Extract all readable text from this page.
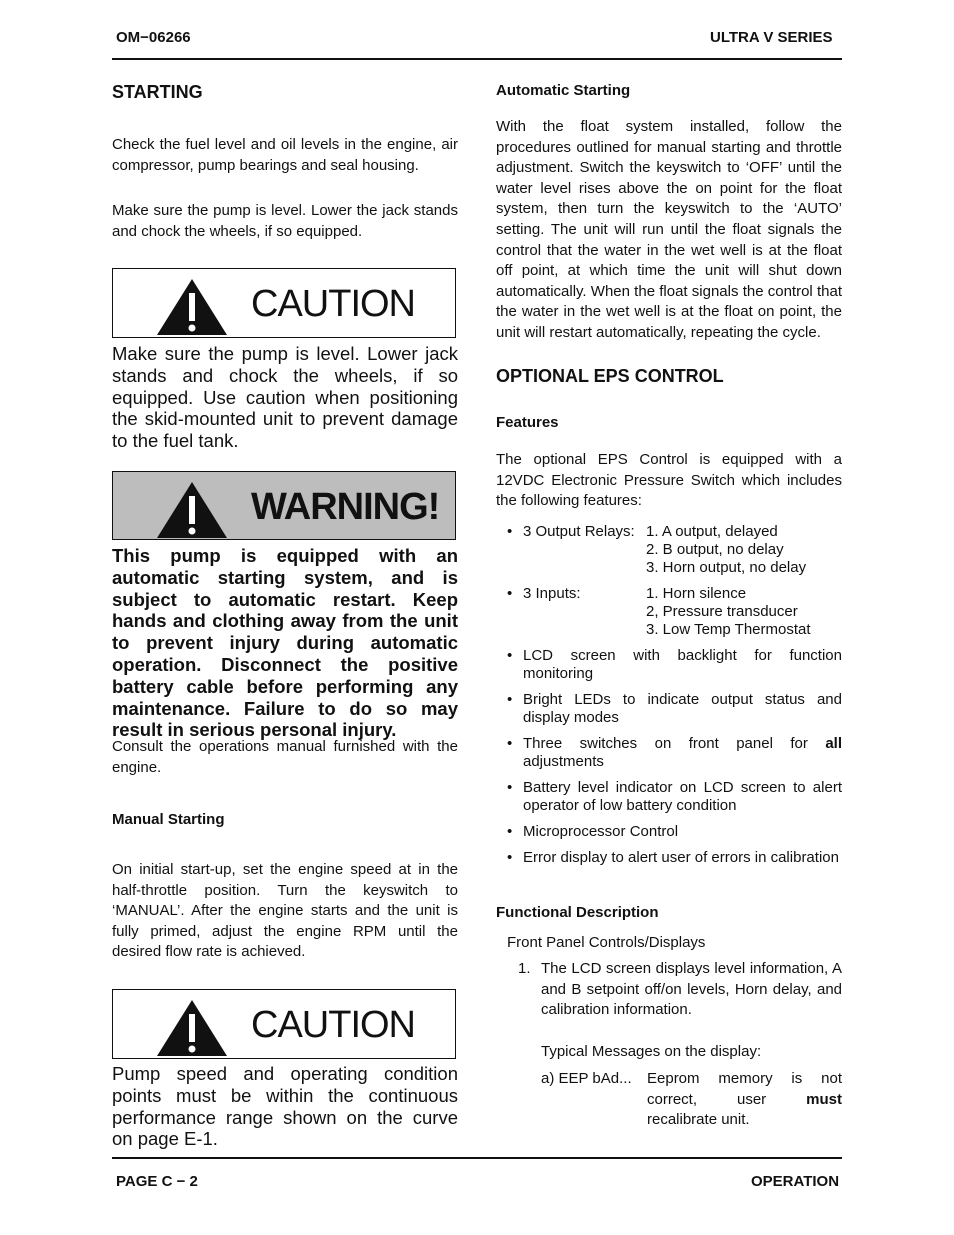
OM−06266	ULTRA V SERIES
STARTING
Check the fuel level and oil levels in the engine, air compressor, pump bearings and seal housing.
Make sure the pump is level. Lower the jack stands and chock the wheels, if so equipped.
CAUTION
Make sure the pump is level. Lower jack stands and chock the wheels, if so equipped. Use caution when positioning the skid-mounted unit to prevent damage to the fuel tank.
WARNING!
This pump is equipped with an automatic starting system, and is subject to automatic restart. Keep hands and clothing away from the unit to prevent injury during automatic operation. Disconnect the positive battery cable before performing any maintenance. Failure to do so may result in serious personal injury.
Consult the operations manual furnished with the engine.
Manual Starting
On initial start-up, set the engine speed at in the half-throttle position. Turn the keyswitch to ‘MANUAL’. After the engine starts and the unit is fully primed, adjust the engine RPM until the desired flow rate is achieved.
CAUTION
Pump speed and operating condition points must be within the continuous performance range shown on the curve on page E-1.
Automatic Starting
With the float system installed, follow the procedures outlined for manual starting and throttle adjustment. Switch the keyswitch to ‘OFF’ until the water level rises above the on point for the float system, then turn the keyswitch to the ‘AUTO’ setting. The unit will run until the float signals the control that the water in the wet well is at the float off point, at which time the unit will shut down automatically. When the float signals the control that the water in the wet well is at the float on point, the unit will restart automatically, repeating the cycle.
OPTIONAL EPS CONTROL
Features
The optional EPS Control is equipped with a 12VDC Electronic Pressure Switch which includes the following features:
• 3 Output Relays: 1. A output, delayed
2. B output, no delay
3. Horn output, no delay
• 3 Inputs:	1. Horn silence
2, Pressure transducer
3. Low Temp Thermostat
• LCD screen with backlight for function monitoring
• Bright LEDs to indicate output status and display modes
• Three switches on front panel for all adjustments
• Battery level indicator on LCD screen to alert operator of low battery condition
• Microprocessor Control
• Error display to alert user of errors in calibration
Functional Description
Front Panel Controls/Displays
1. The LCD screen displays level information, A and B setpoint off/on levels, Horn delay, and calibration information.
Typical Messages on the display:
a) EEP bAd... Eeprom memory is not correct, user must recalibrate unit.
PAGE C − 2	OPERATION
